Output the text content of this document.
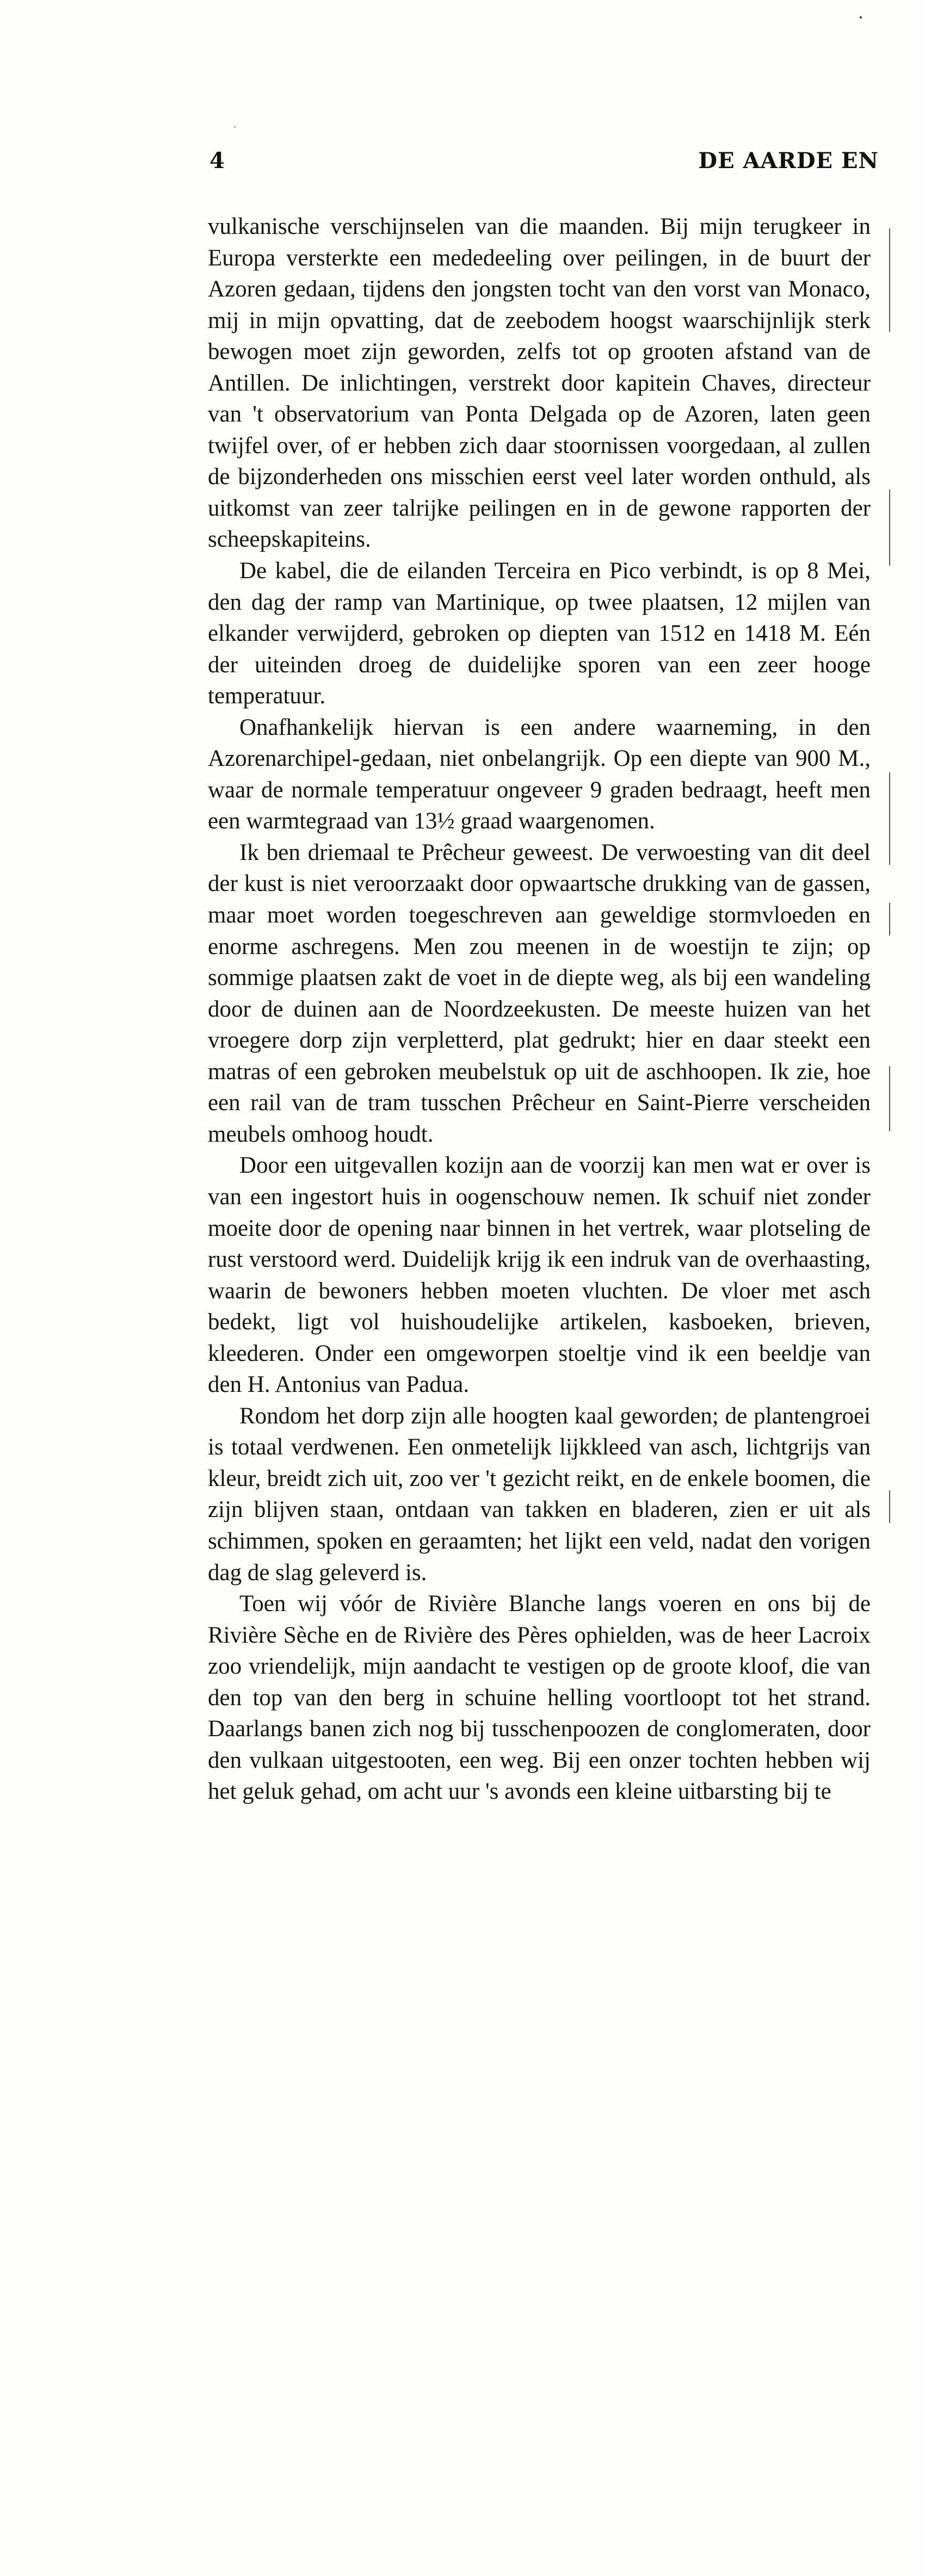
4	DE AARDE EN

vulkanische verschijnselen van die maanden. Bij mijn terugkeer in Europa versterkte een mededeeling over peilingen, in de buurt der Azoren gedaan, tijdens den jongsten tocht van den vorst van Monaco, mij in mijn opvatting, dat de zeebodem hoogst waarschijnlijk sterk bewogen moet zijn geworden, zelfs tot op grooten afstand van de Antillen. De inlichtingen, verstrekt door kapitein Chaves, directeur van 't observatorium van Ponta Delgada op de Azoren, laten geen twijfel over, of er hebben zich daar stoornissen voorgedaan, al zullen de bijzonderheden ons misschien eerst veel later worden onthuld, als uitkomst van zeer talrijke peilingen en in de gewone rapporten der scheepskapiteins.

De kabel, die de eilanden Terceira en Pico verbindt, is op 8 Mei, den dag der ramp van Martinique, op twee plaatsen, 12 mijlen van elkander verwijderd, gebroken op diepten van 1512 en 1418 M. Eén der uiteinden droeg de duidelijke sporen van een zeer hooge temperatuur.

Onafhankelijk hiervan is een andere waarneming, in den Azorenarchipel-gedaan, niet onbelangrijk. Op een diepte van 900 M., waar de normale temperatuur ongeveer 9 graden bedraagt, heeft men een warmtegraad van 13½ graad waargenomen.

Ik ben driemaal te Prêcheur geweest. De verwoesting van dit deel der kust is niet veroorzaakt door opwaartsche drukking van de gassen, maar moet worden toegeschreven aan geweldige stormvloeden en enorme aschregens. Men zou meenen in de woestijn te zijn; op sommige plaatsen zakt de voet in de diepte weg, als bij een wandeling door de duinen aan de Noordzeekusten. De meeste huizen van het vroegere dorp zijn verpletterd, plat gedrukt; hier en daar steekt een matras of een gebroken meubelstuk op uit de aschhoopen. Ik zie, hoe een rail van de tram tusschen Prêcheur en Saint-Pierre verscheiden meubels omhoog houdt.

Door een uitgevallen kozijn aan de voorzij kan men wat er over is van een ingestort huis in oogenschouw nemen. Ik schuif niet zonder moeite door de opening naar binnen in het vertrek, waar plotseling de rust verstoord werd. Duidelijk krijg ik een indruk van de overhaasting, waarin de bewoners hebben moeten vluchten. De vloer met asch bedekt, ligt vol huishoudelijke artikelen, kasboeken, brieven, kleederen. Onder een omgeworpen stoeltje vind ik een beeldje van den H. Antonius van Padua.

Rondom het dorp zijn alle hoogten kaal geworden; de plantengroei is totaal verdwenen. Een onmetelijk lijkkleed van asch, lichtgrijs van kleur, breidt zich uit, zoo ver 't gezicht reikt, en de enkele boomen, die zijn blijven staan, ontdaan van takken en bladeren, zien er uit als schimmen, spoken en geraamten; het lijkt een veld, nadat den vorigen dag de slag geleverd is.

Toen wij vóór de Rivière Blanche langs voeren en ons bij de Rivière Sèche en de Rivière des Pères ophielden, was de heer Lacroix zoo vriendelijk, mijn aandacht te vestigen op de groote kloof, die van den top van den berg in schuine helling voortloopt tot het strand. Daarlangs banen zich nog bij tusschenpoozen de conglomeraten, door den vulkaan uitgestooten, een weg. Bij een onzer tochten hebben wij het geluk gehad, om acht uur 's avonds een kleine uitbarsting bij te
